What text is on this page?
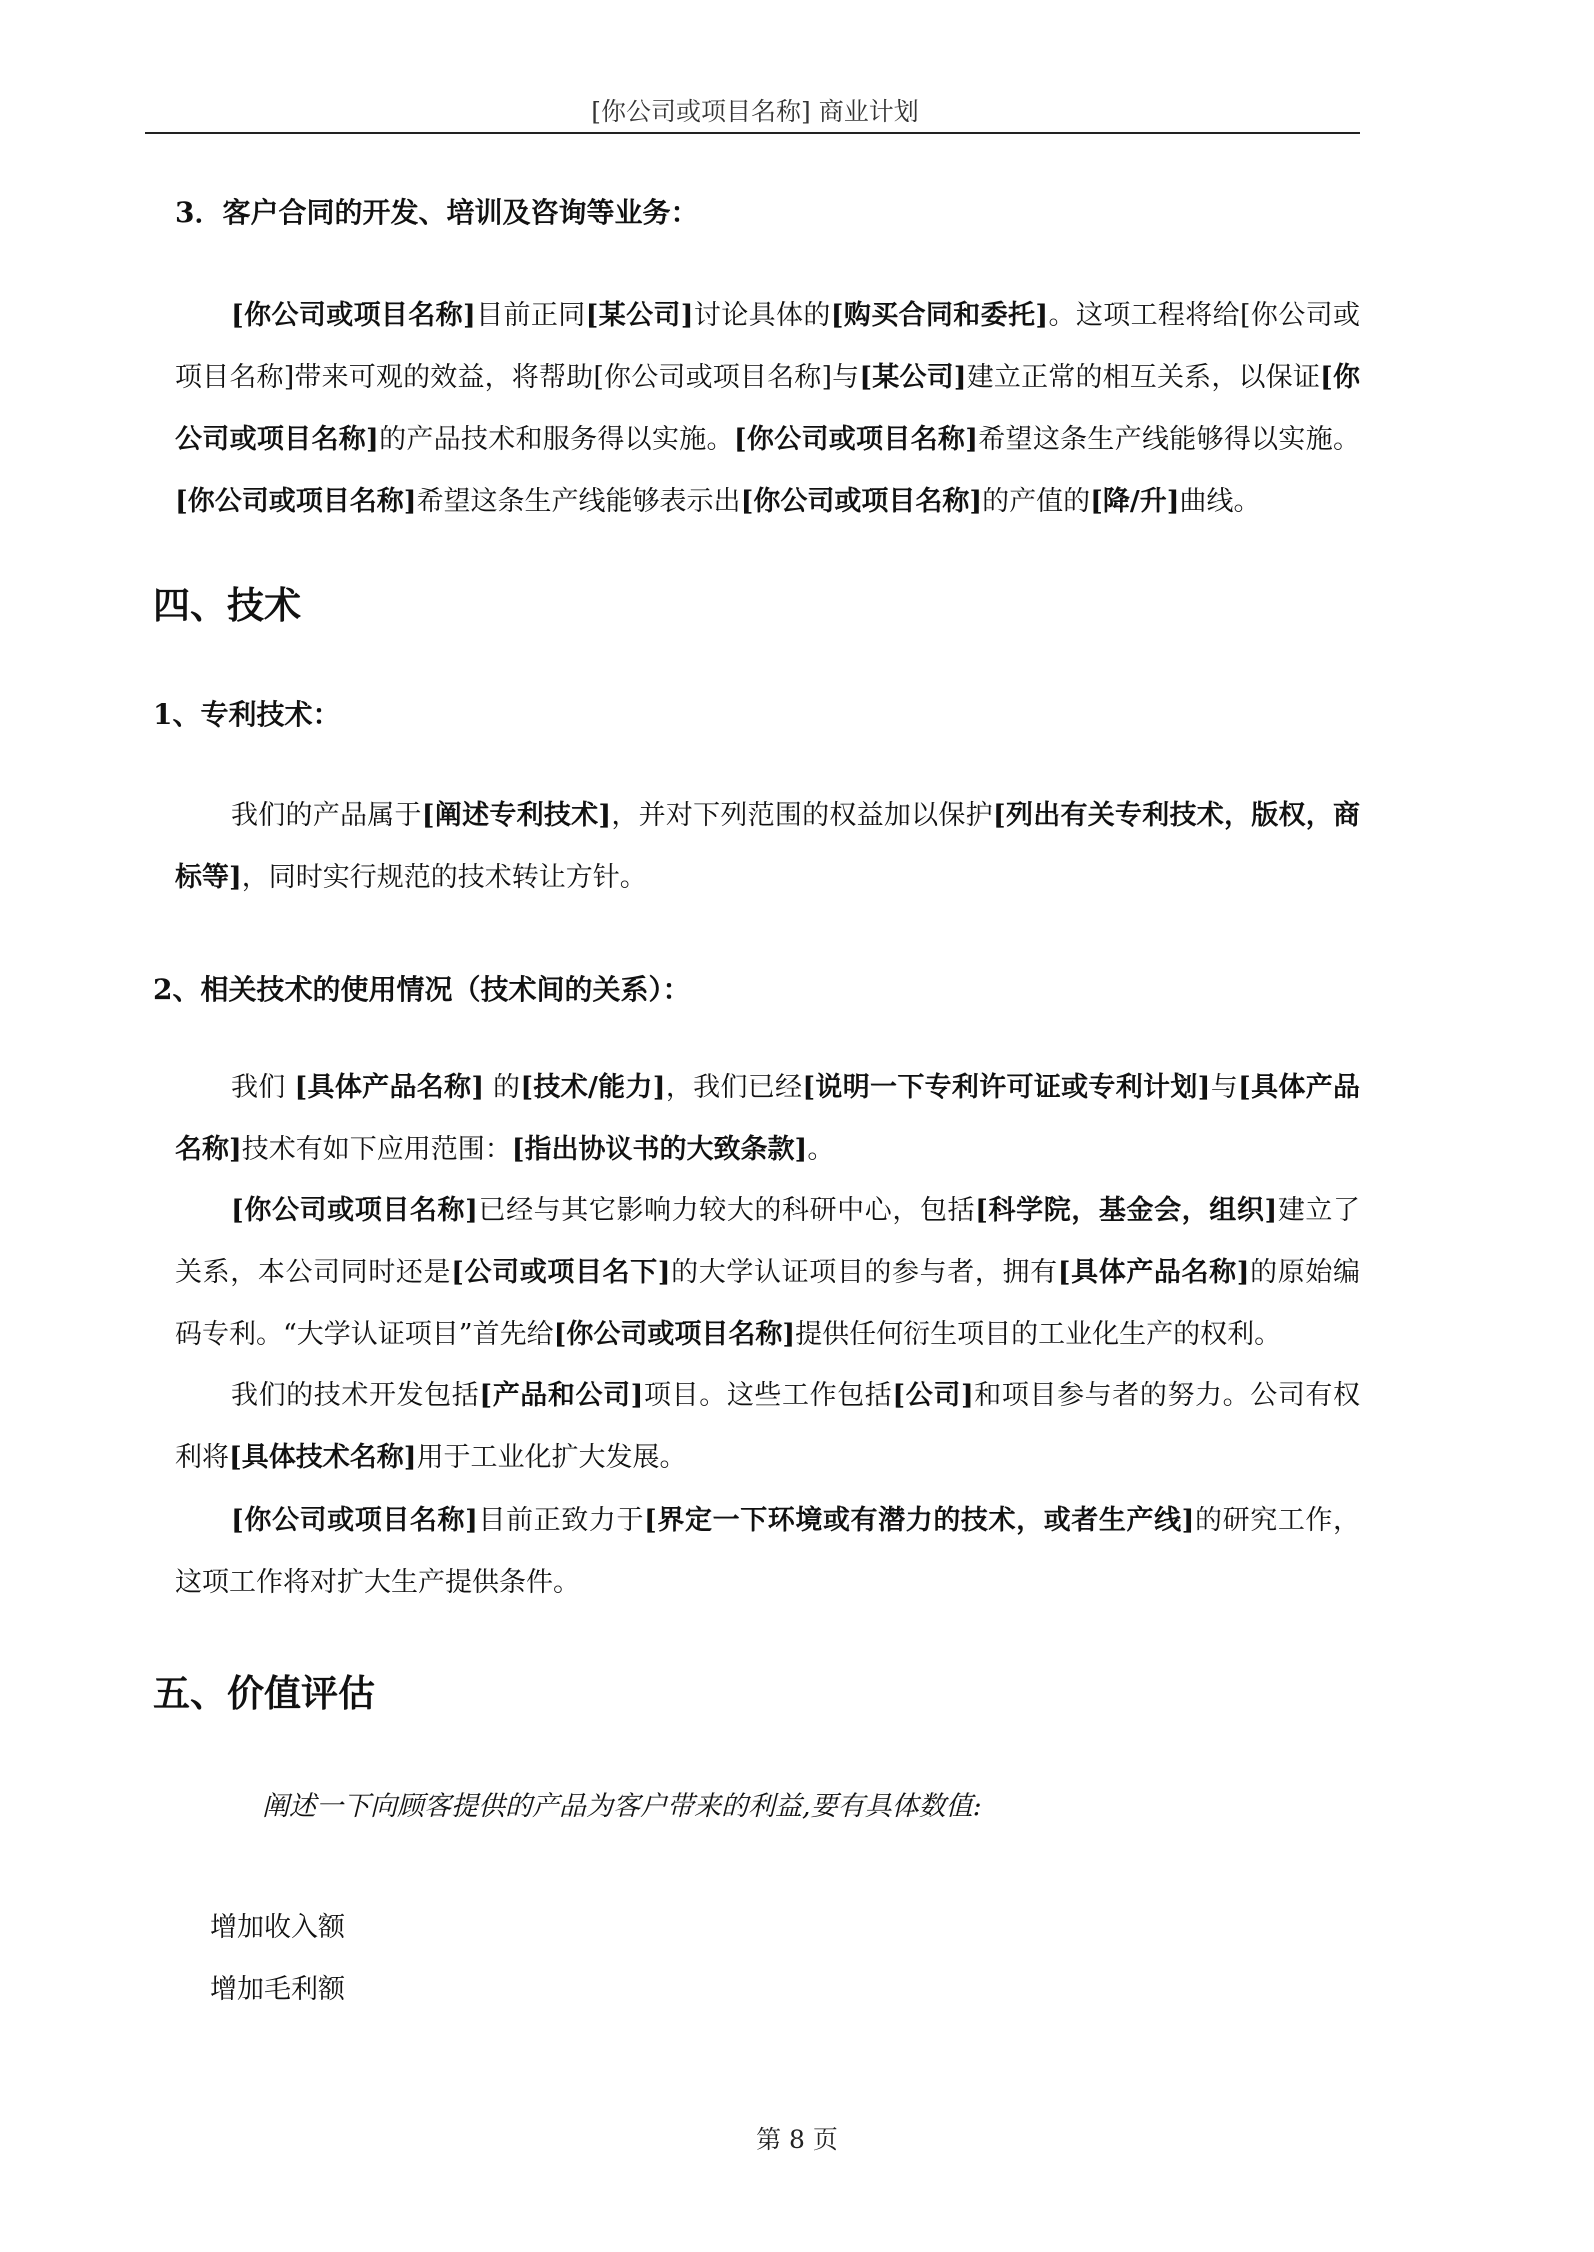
[你公司或项目名称] 商业计划
3．客户合同的开发、培训及咨询等业务：

[你公司或项目名称]目前正同[某公司]讨论具体的[购买合同和委托]。这项工程将给[你公司或项目名称]带来可观的效益，将帮助[你公司或项目名称]与[某公司]建立正常的相互关系，以保证[你公司或项目名称]的产品技术和服务得以实施。[你公司或项目名称]希望这条生产线能够得以实施。[你公司或项目名称]希望这条生产线能够表示出[你公司或项目名称]的产值的[降/升]曲线。

四、技术
1、专利技术：

我们的产品属于[阐述专利技术]，并对下列范围的权益加以保护[列出有关专利技术，版权，商标等]，同时实行规范的技术转让方针。

2、相关技术的使用情况（技术间的关系）：

我们 [具体产品名称] 的[技术/能力]，我们已经[说明一下专利许可证或专利计划]与[具体产品名称]技术有如下应用范围：[指出协议书的大致条款]。

[你公司或项目名称]已经与其它影响力较大的科研中心，包括[科学院，基金会，组织]建立了关系，本公司同时还是[公司或项目名下]的大学认证项目的参与者，拥有[具体产品名称]的原始编码专利。“大学认证项目”首先给[你公司或项目名称]提供任何衍生项目的工业化生产的权利。

我们的技术开发包括[产品和公司]项目。这些工作包括[公司]和项目参与者的努力。公司有权利将[具体技术名称]用于工业化扩大发展。

[你公司或项目名称]目前正致力于[界定一下环境或有潜力的技术，或者生产线]的研究工作，这项工作将对扩大生产提供条件。

五、价值评估
阐述一下向顾客提供的产品为客户带来的利益,要有具体数值:
增加收入额
增加毛利额
第 8 页
